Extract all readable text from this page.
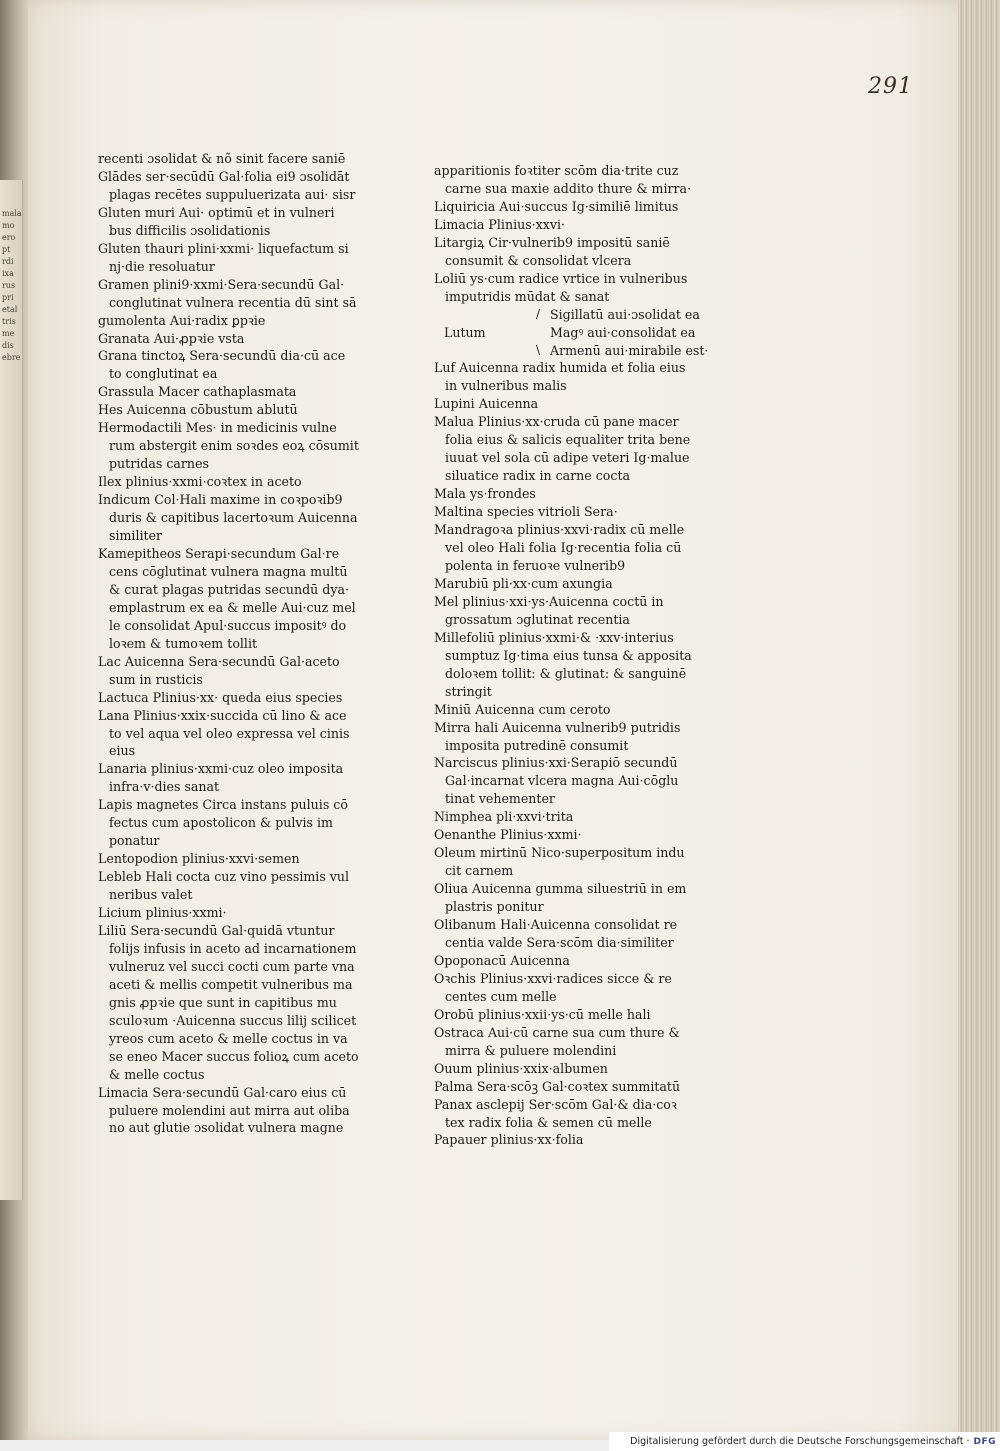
mala
mo
ero
pt
rdi
ixa
rus
pri
etal
tris
me
dis
ebre
291
recenti ɔsolidat & nõ sinit facere saniē
Glādes ser·secūdū Gal·folia ei9 ɔsolidāt
plagas recētes suppuluerizata aui· sisr
Gluten muri Aui· optimū et in vulneri
bus difficilis ɔsolidationis
Gluten thauri plini·xxmi· liquefactum si
nj·die resoluatur
Gramen plini9·xxmi·Sera·secundū Gal·
conglutinat vulnera recentia dū sint sā
gumolenta Aui·radix ꝑpꝛie
Granata Aui·ꝓpꝛie vsta
Grana tinctoꝝ Sera·secundū dia·cū ace
to conglutinat ea
Grassula Macer cathaplasmata
Hes Auicenna cōbustum ablutū
Hermodactili Mes· in medicinis vulne
rum abstergit enim soꝛdes eoꝝ cōsumit
putridas carnes
Ilex plinius·xxmi·coꝛtex in aceto
Indicum Col·Hali maxime in coꝛpoꝛib9
duris & capitibus lacertoꝛum Auicenna
similiter
Kamepitheos Serapi·secundum Gal·re
cens cōglutinat vulnera magna multū
& curat plagas putridas secundū dya·
emplastrum ex ea & melle Aui·cuz mel
le consolidat Apul·succus impositꝰ do
loꝛem & tumoꝛem tollit
Lac Auicenna Sera·secundū Gal·aceto
sum in rusticis
Lactuca Plinius·xx· queda eius species
Lana Plinius·xxix·succida cū lino & ace
to vel aqua vel oleo expressa vel cinis
eius
Lanaria plinius·xxmi·cuz oleo imposita
infra·v·dies sanat
Lapis magnetes Circa instans puluis cō
fectus cum apostolicon & pulvis im
ponatur
Lentopodion plinius·xxvi·semen
Lebleb Hali cocta cuz vino pessimis vul
neribus valet
Licium plinius·xxmi·
Liliū Sera·secundū Gal·quidā vtuntur
folijs infusis in aceto ad incarnationem
vulneruz vel succi cocti cum parte vna
aceti & mellis competit vulneribus ma
gnis ꝓpꝛie que sunt in capitibus mu
sculoꝛum ·Auicenna succus lilij scilicet
yreos cum aceto & melle coctus in va
se eneo Macer succus folioꝝ cum aceto
& melle coctus
Limacia Sera·secundū Gal·caro eius cū
puluere molendini aut mirra aut oliba
no aut glutie ɔsolidat vulnera magne
apparitionis foꝛtiter scōm dia·trite cuz
carne sua maxie addito thure & mirra·
Liquiricia Aui·succus Ig·similiē limitus
Limacia Plinius·xxvi·
Litargiꝝ Cir·vulnerib9 impositū saniē
consumit & consolidat vlcera
Loliū ys·cum radice vrtice in vulneribus
imputridis mūdat & sanat
Lutum
/

\
Sigillatū aui·ɔsolidat ea
Magꝰ aui·consolidat ea
Armenū aui·mirabile est·
Luf Auicenna radix humida et folia eius
in vulneribus malis
Lupini Auicenna
Malua Plinius·xx·cruda cū pane macer
folia eius & salicis equaliter trita bene
iuuat vel sola cū adipe veteri Ig·malue
siluatice radix in carne cocta
Mala ys·frondes
Maltina species vitrioli Sera·
Mandragoꝛa plinius·xxvi·radix cū melle
vel oleo Hali folia Ig·recentia folia cū
polenta in feruoꝛe vulnerib9
Marubiū pli·xx·cum axungia
Mel plinius·xxi·ys·Auicenna coctū in
grossatum ɔglutinat recentia
Millefoliū plinius·xxmi·& ·xxv·interius
sumptuz Ig·tima eius tunsa & apposita
doloꝛem tollit: & glutinat: & sanguinē
stringit
Miniū Auicenna cum ceroto
Mirra hali Auicenna vulnerib9 putridis
imposita putredinē consumit
Narciscus plinius·xxi·Serapiō secundū
Gal·incarnat vlcera magna Aui·cōglu
tinat vehementer
Nimphea pli·xxvi·trita
Oenanthe Plinius·xxmi·
Oleum mirtinū Nico·superpositum indu
cit carnem
Oliua Auicenna gumma siluestriū in em
plastris ponitur
Olibanum Hali·Auicenna consolidat re
centia valde Sera·scōm dia·similiter
Opoponacū Auicenna
Oꝛchis Plinius·xxvi·radices sicce & re
centes cum melle
Orobū plinius·xxii·ys·cū melle hali
Ostraca Aui·cū carne sua cum thure &
mirra & puluere molendini
Ouum plinius·xxix·albumen
Palma Sera·scōꝫ Gal·coꝛtex summitatū
Panax asclepij Ser·scōm Gal·& dia·coꝛ
tex radix folia & semen cū melle
Papauer plinius·xx·folia
Digitalisierung gefördert durch die Deutsche Forschungsgemeinschaft · DFG
